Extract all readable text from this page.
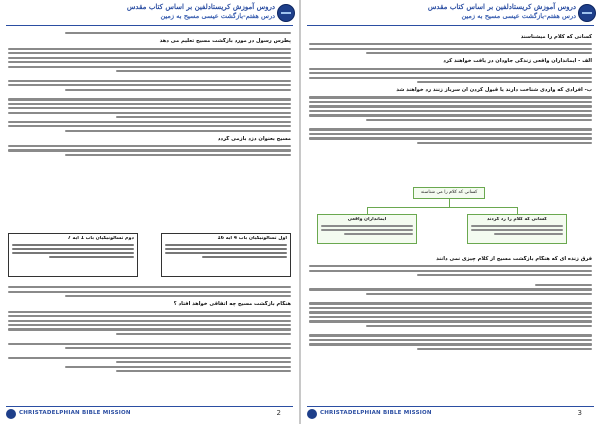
دروس آموزش کریستادلفین بر اساس کتاب مقدس
درس هفتم-بازگشت عیسی مسیح به زمین
پطرس رسول در مورد بازگشت مسیح تعلیم می دهد
مسیح بعنوان دزد بازمی گردد
دوم تسالونیکیان باب 1 آیه 7	اول تسالونیکیان باب 4 آیه 16
هنگام بازگشت مسیح چه اتفاقی خواهد افتاد ؟
CHRISTADELPHIAN BIBLE MISSION	2
دروس آموزش کریستادلفین بر اساس کتاب مقدس
درس هفتم-بازگشت عیسی مسیح به زمین
کسانی که کلام را میشناسند
الف - ایمانداران واقعی زندگی جاودان در یافت خواهند کرد
ب- افرادی که واردی شناخت دارند یا قبول کردن آن سرباز زنند رد خواهند شد
کسانی که کلام را می شناسند
ایمانداران واقعی	کسانی که کلام را رد کردند
فرق زنده ای که هنگام بازگشت مسیح از کلام چیزی نمی دانند
CHRISTADELPHIAN BIBLE MISSION	3
